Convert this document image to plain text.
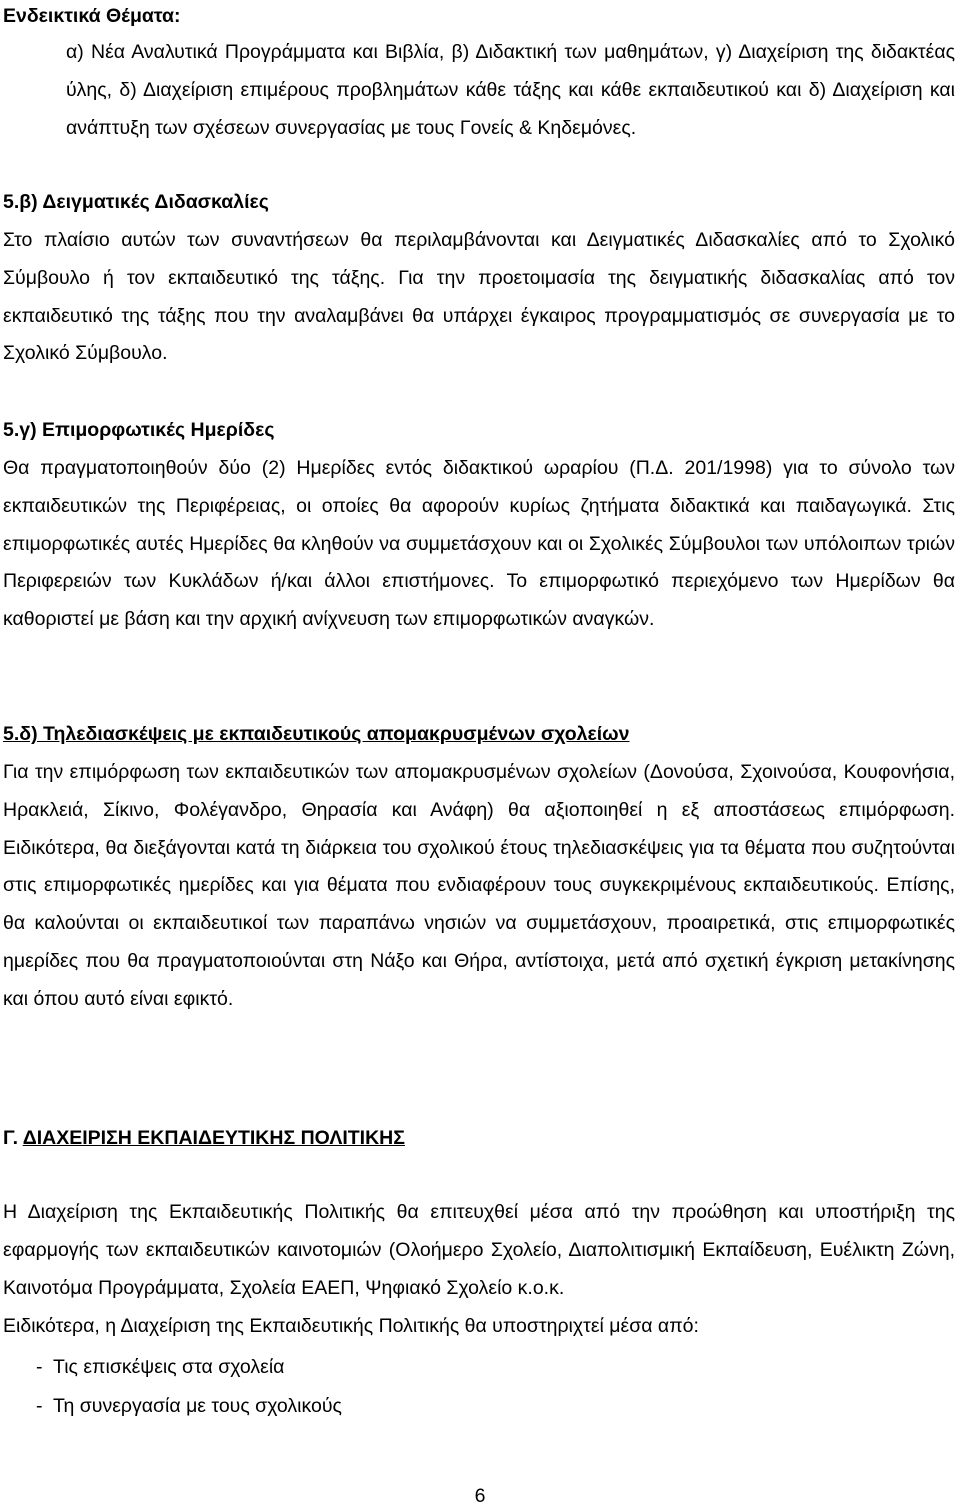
Ενδεικτικά Θέματα:

α) Νέα Αναλυτικά Προγράμματα και Βιβλία, β) Διδακτική των μαθημάτων, γ) Διαχείριση της διδακτέας ύλης, δ) Διαχείριση επιμέρους προβλημάτων κάθε τάξης και κάθε εκπαιδευτικού και δ) Διαχείριση και ανάπτυξη των σχέσεων συνεργασίας με τους Γονείς & Κηδεμόνες.

5.β) Δειγματικές Διδασκαλίες

Στο πλαίσιο αυτών των συναντήσεων θα περιλαμβάνονται και Δειγματικές Διδασκαλίες από το Σχολικό Σύμβουλο ή τον εκπαιδευτικό της τάξης. Για την προετοιμασία της δειγματικής διδασκαλίας από τον εκπαιδευτικό της τάξης που την αναλαμβάνει θα υπάρχει έγκαιρος προγραμματισμός σε συνεργασία με το Σχολικό Σύμβουλο.

5.γ) Επιμορφωτικές Ημερίδες

Θα πραγματοποιηθούν δύο (2) Ημερίδες εντός διδακτικού ωραρίου (Π.Δ. 201/1998) για το σύνολο των εκπαιδευτικών της Περιφέρειας, οι οποίες θα αφορούν κυρίως ζητήματα διδακτικά και παιδαγωγικά. Στις επιμορφωτικές αυτές Ημερίδες θα κληθούν να συμμετάσχουν και οι Σχολικές Σύμβουλοι των υπόλοιπων τριών Περιφερειών των Κυκλάδων ή/και άλλοι επιστήμονες. Το επιμορφωτικό περιεχόμενο των Ημερίδων θα καθοριστεί με βάση και την αρχική ανίχνευση των επιμορφωτικών αναγκών.

5.δ) Τηλεδιασκέψεις με εκπαιδευτικούς απομακρυσμένων σχολείων

Για την επιμόρφωση των εκπαιδευτικών των απομακρυσμένων σχολείων (Δονούσα, Σχοινούσα, Κουφονήσια, Ηρακλειά, Σίκινο, Φολέγανδρο, Θηρασία και Ανάφη) θα αξιοποιηθεί η εξ αποστάσεως επιμόρφωση. Ειδικότερα, θα διεξάγονται κατά τη διάρκεια του σχολικού έτους τηλεδιασκέψεις για τα θέματα που συζητούνται στις επιμορφωτικές ημερίδες και για θέματα που ενδιαφέρουν τους συγκεκριμένους εκπαιδευτικούς. Επίσης, θα καλούνται οι εκπαιδευτικοί των παραπάνω νησιών να συμμετάσχουν, προαιρετικά, στις επιμορφωτικές ημερίδες που θα πραγματοποιούνται στη Νάξο και Θήρα, αντίστοιχα, μετά από σχετική έγκριση μετακίνησης και όπου αυτό είναι εφικτό.

Γ. ΔΙΑΧΕΙΡΙΣΗ ΕΚΠΑΙΔΕΥΤΙΚΗΣ ΠΟΛΙΤΙΚΗΣ

Η Διαχείριση της Εκπαιδευτικής Πολιτικής θα επιτευχθεί μέσα από την προώθηση και υποστήριξη της εφαρμογής των εκπαιδευτικών καινοτομιών (Ολοήμερο Σχολείο, Διαπολιτισμική Εκπαίδευση, Ευέλικτη Ζώνη, Καινοτόμα Προγράμματα, Σχολεία ΕΑΕΠ, Ψηφιακό Σχολείο κ.ο.κ.

Ειδικότερα, η Διαχείριση της Εκπαιδευτικής Πολιτικής θα υποστηριχτεί μέσα από:

- Τις επισκέψεις στα σχολεία
- Τη συνεργασία με τους σχολικούς
6
